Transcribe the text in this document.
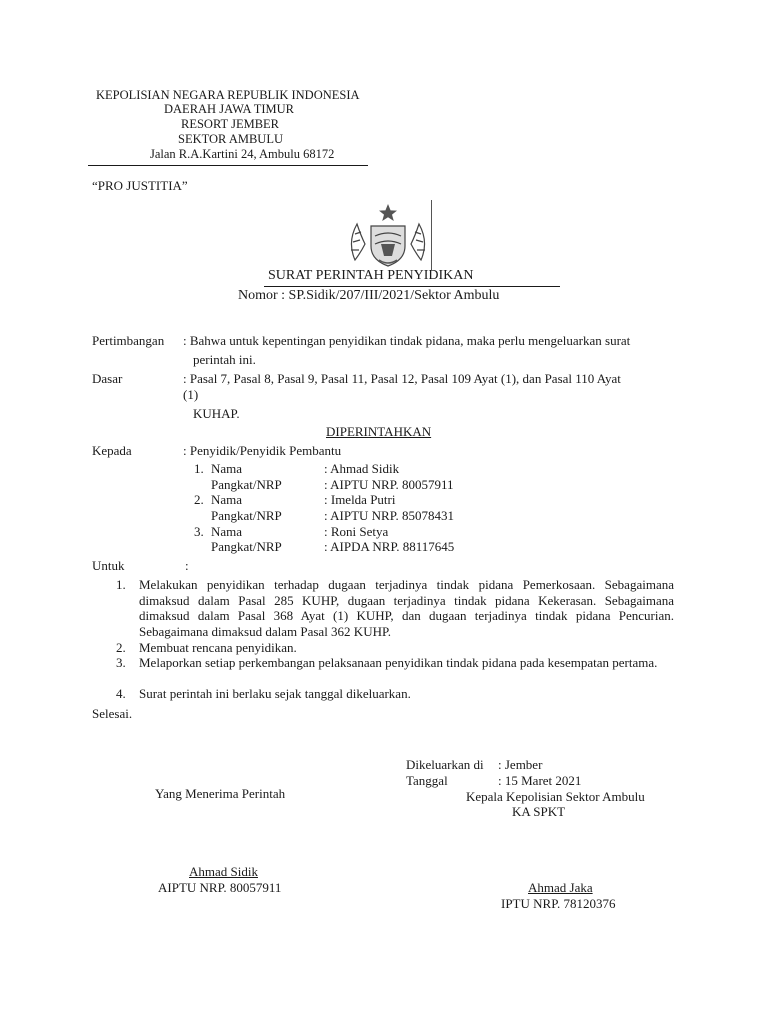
KEPOLISIAN NEGARA REPUBLIK INDONESIA
DAERAH JAWA TIMUR
RESORT JEMBER
SEKTOR AMBULU
Jalan R.A.Kartini 24, Ambulu 68172
“PRO JUSTITIA”
SURAT PERINTAH PENYIDIKAN
Nomor : SP.Sidik/207/III/2021/Sektor Ambulu
Pertimbangan : Bahwa untuk kepentingan penyidikan tindak pidana, maka perlu mengeluarkan surat
perintah ini.
Dasar	: Pasal 7, Pasal 8, Pasal 9, Pasal 11, Pasal 12, Pasal 109 Ayat (1), dan Pasal 110 Ayat
(1)
KUHAP.
DIPERINTAHKAN
Kepada	: Penyidik/Penyidik Pembantu
1. Nama	: Ahmad Sidik
Pangkat/NRP	: AIPTU NRP. 80057911
2. Nama	: Imelda Putri
Pangkat/NRP	: AIPTU NRP. 85078431
3. Nama	: Roni Setya
Pangkat/NRP	: AIPDA NRP. 88117645
Untuk	:
1. Melakukan penyidikan terhadap dugaan terjadinya tindak pidana Pemerkosaan. Sebagaimana dimaksud dalam Pasal 285 KUHP, dugaan terjadinya tindak pidana Kekerasan. Sebagaimana dimaksud dalam Pasal 368 Ayat (1) KUHP, dan dugaan terjadinya tindak pidana Pencurian. Sebagaimana dimaksud dalam Pasal 362 KUHP.
2. Membuat rencana penyidikan.
3. Melaporkan setiap perkembangan pelaksanaan penyidikan tindak pidana pada kesempatan pertama.
4. Surat perintah ini berlaku sejak tanggal dikeluarkan.
Selesai.
Dikeluarkan di : Jember
Tanggal	: 15 Maret 2021
Kepala Kepolisian Sektor Ambulu
KA SPKT
Yang Menerima Perintah
Ahmad Sidik
AIPTU NRP. 80057911	Ahmad Jaka
IPTU NRP. 78120376
